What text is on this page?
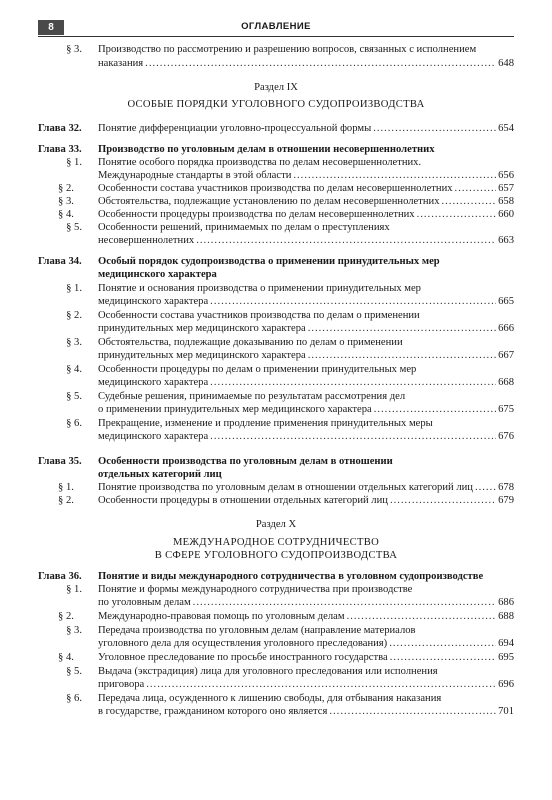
8	ОГЛАВЛЕНИЕ
§ 3. Производство по рассмотрению и разрешению вопросов, связанных с исполнением
наказания .....	648
Раздел IX
ОСОБЫЕ ПОРЯДКИ УГОЛОВНОГО СУДОПРОИЗВОДСТВА
Глава 32.	Понятие дифференциации уголовно-процессуальной формы .....	654
Глава 33.	Производство по уголовным делам в отношении несовершеннолетних
§ 1. Понятие особого порядка производства по делам несовершеннолетних.
Международные стандарты в этой области .....	656
§ 2.	Особенности состава участников производства по делам несовершеннолетних .....	657
§ 3.	Обстоятельства, подлежащие установлению по делам несовершеннолетних .....	658
§ 4.	Особенности процедуры производства по делам несовершеннолетних .....	660
§ 5. Особенности решений, принимаемых по делам о преступлениях
несовершеннолетних .....	663
Глава 34.	Особый порядок судопроизводства о применении принудительных мер
медицинского характера
§ 1. Понятие и основания производства о применении принудительных мер
медицинского характера .....	665
§ 2. Особенности состава участников производства по делам о применении
принудительных мер медицинского характера .....	666
§ 3. Обстоятельства, подлежащие доказыванию по делам о применении
принудительных мер медицинского характера .....	667
§ 4. Особенности процедуры по делам о применении принудительных мер
медицинского характера .....	668
§ 5. Судебные решения, принимаемые по результатам рассмотрения дел
о применении принудительных мер медицинского характера .....	675
§ 6. Прекращение, изменение и продление применения принудительных меры
медицинского характера .....	676
Глава 35.	Особенности производства по уголовным делам в отношении
отдельных категорий лиц
§ 1.	Понятие производства по уголовным делам в отношении отдельных категорий лиц ..... 678
§ 2.	Особенности процедуры в отношении отдельных категорий лиц .....	679
Раздел X
МЕЖДУНАРОДНОЕ СОТРУДНИЧЕСТВО
В СФЕРЕ УГОЛОВНОГО СУДОПРОИЗВОДСТВА
Глава 36.	Понятие и виды международного сотрудничества в уголовном судопроизводстве
§ 1. Понятие и формы международного сотрудничества при производстве
по уголовным делам .....	686
§ 2.	Международно-правовая помощь по уголовным делам .....	688
§ 3. Передача производства по уголовным делам (направление материалов
уголовного дела для осуществления уголовного преследования) .....	694
§ 4.	Уголовное преследование по просьбе иностранного государства .....	695
§ 5. Выдача (экстрадиция) лица для уголовного преследования или исполнения
приговора .....	696
§ 6. Передача лица, осужденного к лишению свободы, для отбывания наказания
в государстве, гражданином которого оно является .....	701
